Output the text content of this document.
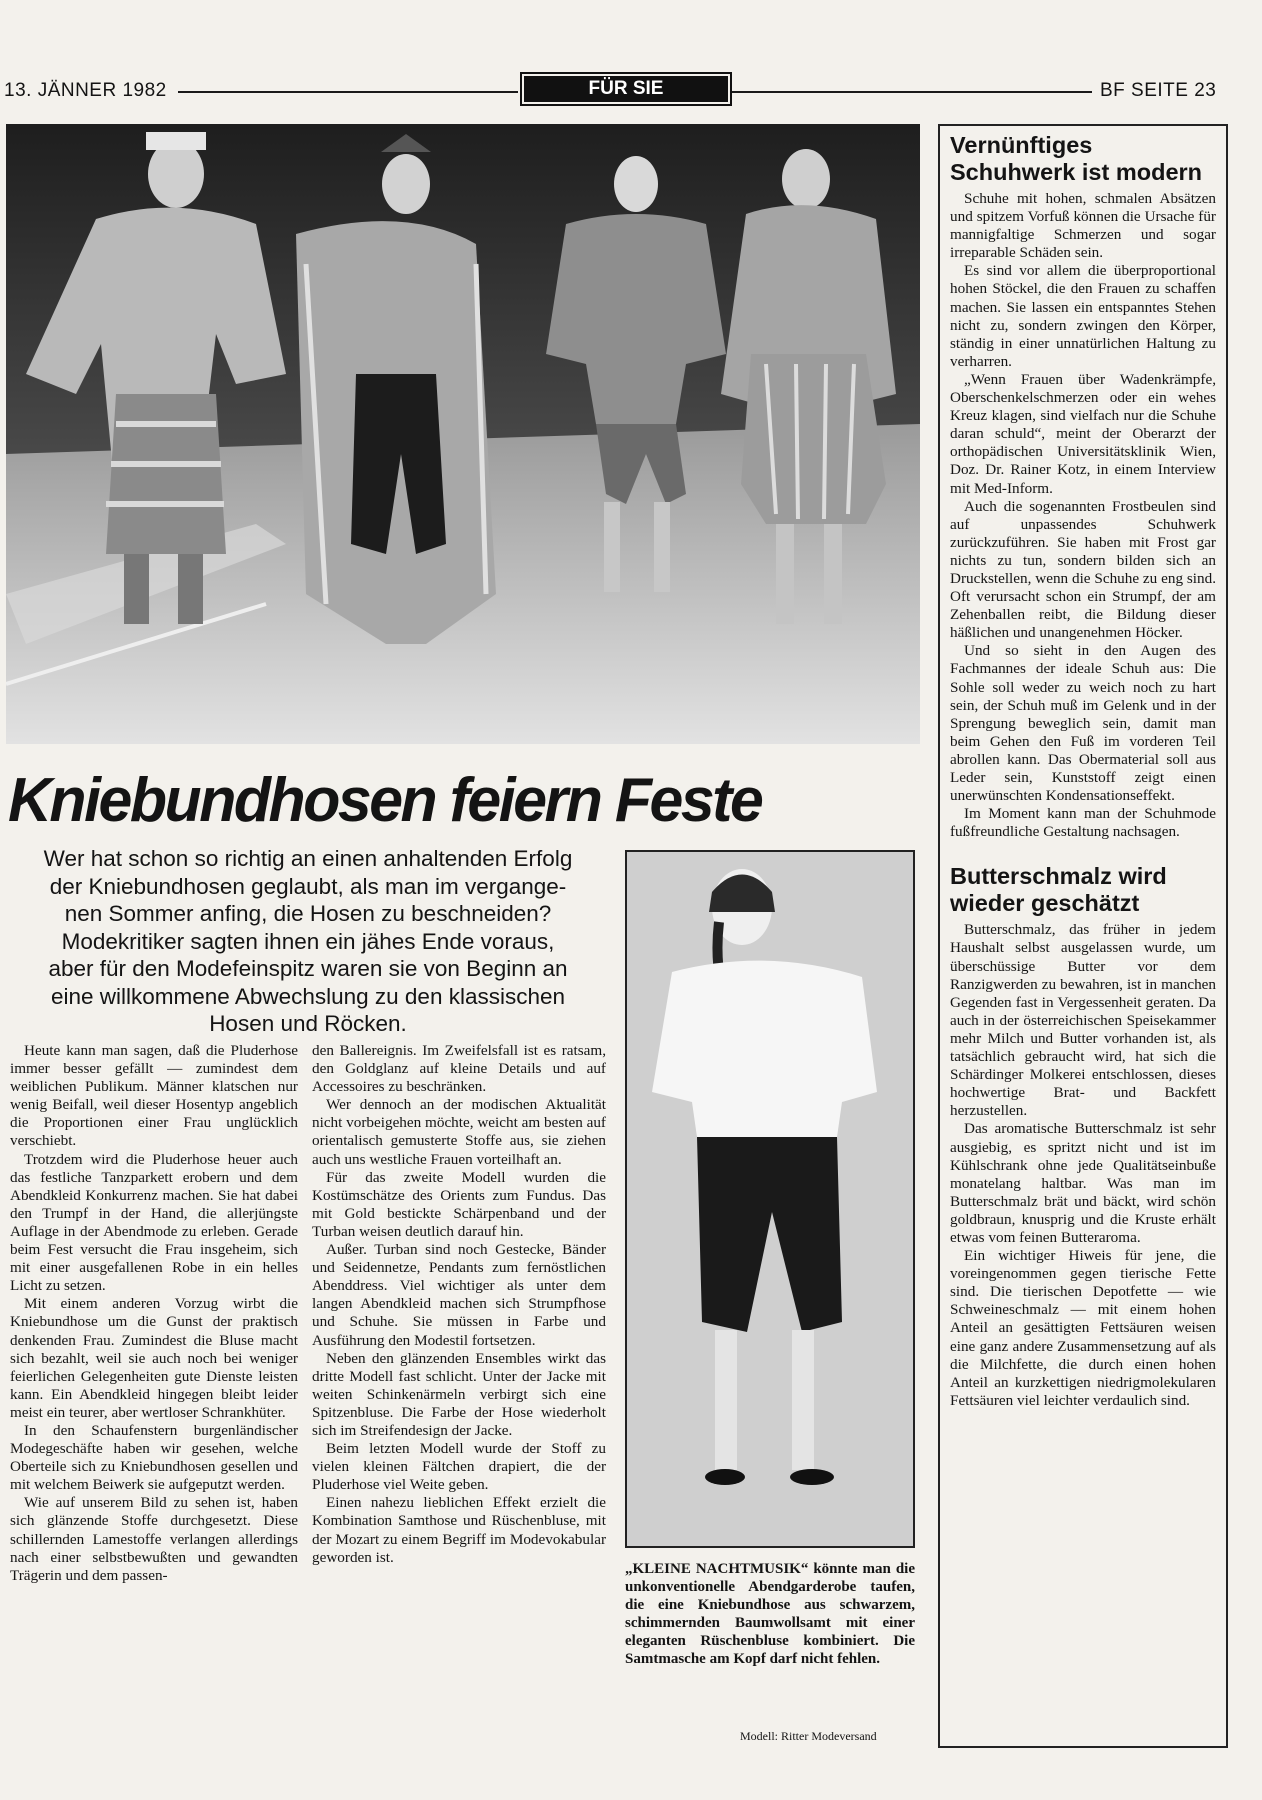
13. JÄNNER 1982	FÜR SIE	BF SEITE 23
Kniebundhosen feiern Feste

Wer hat schon so richtig an einen anhaltenden Erfolg

der Kniebundhosen geglaubt, als man im vergange-

nen Sommer anfing, die Hosen zu beschneiden?

Modekritiker sagten ihnen ein jähes Ende voraus,

aber für den Modefeinspitz waren sie von Beginn an

eine willkommene Abwechslung zu den klassischen

Hosen und Röcken.

Heute kann man sagen, daß die Pluderhose immer besser gefällt — zumindest dem weiblichen Publikum. Männer klatschen nur wenig Beifall, weil dieser Hosentyp angeblich die Proportionen einer Frau unglücklich verschiebt.

Trotzdem wird die Pluderhose heuer auch das festliche Tanzparkett erobern und dem Abendkleid Konkurrenz machen. Sie hat dabei den Trumpf in der Hand, die allerjüngste Auflage in der Abendmode zu erleben. Gerade beim Fest versucht die Frau insgeheim, sich mit einer ausgefallenen Robe in ein helles Licht zu setzen.

Mit einem anderen Vorzug wirbt die Kniebundhose um die Gunst der praktisch denkenden Frau. Zumindest die Bluse macht sich bezahlt, weil sie auch noch bei weniger feierlichen Gelegenheiten gute Dienste leisten kann. Ein Abendkleid hingegen bleibt leider meist ein teurer, aber wertloser Schrankhüter.

In den Schaufenstern burgenländischer Modegeschäfte haben wir gesehen, welche Oberteile sich zu Kniebundhosen gesellen und mit welchem Beiwerk sie aufgeputzt werden.

Wie auf unserem Bild zu sehen ist, haben sich glänzende Stoffe durchgesetzt. Diese schillernden Lamestoffe verlangen allerdings nach einer selbstbewußten und gewandten Trägerin und dem passen-

den Ballereignis. Im Zweifelsfall ist es ratsam, den Goldglanz auf kleine Details und auf Accessoires zu beschränken.

Wer dennoch an der modischen Aktualität nicht vorbeigehen möchte, weicht am besten auf orientalisch gemusterte Stoffe aus, sie ziehen auch uns westliche Frauen vorteilhaft an.

Für das zweite Modell wurden die Kostümschätze des Orients zum Fundus. Das mit Gold bestickte Schärpenband und der Turban weisen deutlich darauf hin.

Außer. Turban sind noch Gestecke, Bänder und Seidennetze, Pendants zum fernöstlichen Abenddress. Viel wichtiger als unter dem langen Abendkleid machen sich Strumpfhose und Schuhe. Sie müssen in Farbe und Ausführung den Modestil fortsetzen.

Neben den glänzenden Ensembles wirkt das dritte Modell fast schlicht. Unter der Jacke mit weiten Schinkenärmeln verbirgt sich eine Spitzenbluse. Die Farbe der Hose wiederholt sich im Streifendesign der Jacke.

Beim letzten Modell wurde der Stoff zu vielen kleinen Fältchen drapiert, die der Pluderhose viel Weite geben.

Einen nahezu lieblichen Effekt erzielt die Kombination Samthose und Rüschenbluse, mit der Mozart zu einem Begriff im Modevokabular geworden ist.

„KLEINE NACHTMUSIK“ könnte man die unkonventionelle Abendgarderobe taufen, die eine Kniebundhose aus schwarzem, schimmernden Baumwollsamt mit einer eleganten Rüschenbluse kombiniert. Die Samtmasche am Kopf darf nicht fehlen.
Modell: Ritter Modeversand
Vernünftiges Schuhwerk ist modern

Schuhe mit hohen, schmalen Absätzen und spitzem Vorfuß können die Ursache für mannigfaltige Schmerzen und sogar irreparable Schäden sein.

Es sind vor allem die überproportional hohen Stöckel, die den Frauen zu schaffen machen. Sie lassen ein entspanntes Stehen nicht zu, sondern zwingen den Körper, ständig in einer unnatürlichen Haltung zu verharren.

„Wenn Frauen über Wadenkrämpfe, Oberschenkelschmerzen oder ein wehes Kreuz klagen, sind vielfach nur die Schuhe daran schuld“, meint der Oberarzt der orthopädischen Universitätsklinik Wien, Doz. Dr. Rainer Kotz, in einem Interview mit Med-Inform.

Auch die sogenannten Frostbeulen sind auf unpassendes Schuhwerk zurückzuführen. Sie haben mit Frost gar nichts zu tun, sondern bilden sich an Druckstellen, wenn die Schuhe zu eng sind. Oft verursacht schon ein Strumpf, der am Zehenballen reibt, die Bildung dieser häßlichen und unangenehmen Höcker.

Und so sieht in den Augen des Fachmannes der ideale Schuh aus: Die Sohle soll weder zu weich noch zu hart sein, der Schuh muß im Gelenk und in der Sprengung beweglich sein, damit man beim Gehen den Fuß im vorderen Teil abrollen kann. Das Obermaterial soll aus Leder sein, Kunststoff zeigt einen unerwünschten Kondensationseffekt.

Im Moment kann man der Schuhmode fußfreundliche Gestaltung nachsagen.

Butterschmalz wird wieder geschätzt

Butterschmalz, das früher in jedem Haushalt selbst ausgelassen wurde, um überschüssige Butter vor dem Ranzigwerden zu bewahren, ist in manchen Gegenden fast in Vergessenheit geraten. Da auch in der österreichischen Speisekammer mehr Milch und Butter vorhanden ist, als tatsächlich gebraucht wird, hat sich die Schärdinger Molkerei entschlossen, dieses hochwertige Brat- und Backfett herzustellen.

Das aromatische Butterschmalz ist sehr ausgiebig, es spritzt nicht und ist im Kühlschrank ohne jede Qualitätseinbuße monatelang haltbar. Was man im Butterschmalz brät und bäckt, wird schön goldbraun, knusprig und die Kruste erhält etwas vom feinen Butteraroma.

Ein wichtiger Hiweis für jene, die voreingenommen gegen tierische Fette sind. Die tierischen Depotfette — wie Schweineschmalz — mit einem hohen Anteil an gesättigten Fettsäuren weisen eine ganz andere Zusammensetzung auf als die Milchfette, die durch einen hohen Anteil an kurzkettigen niedrigmolekularen Fettsäuren viel leichter verdaulich sind.
